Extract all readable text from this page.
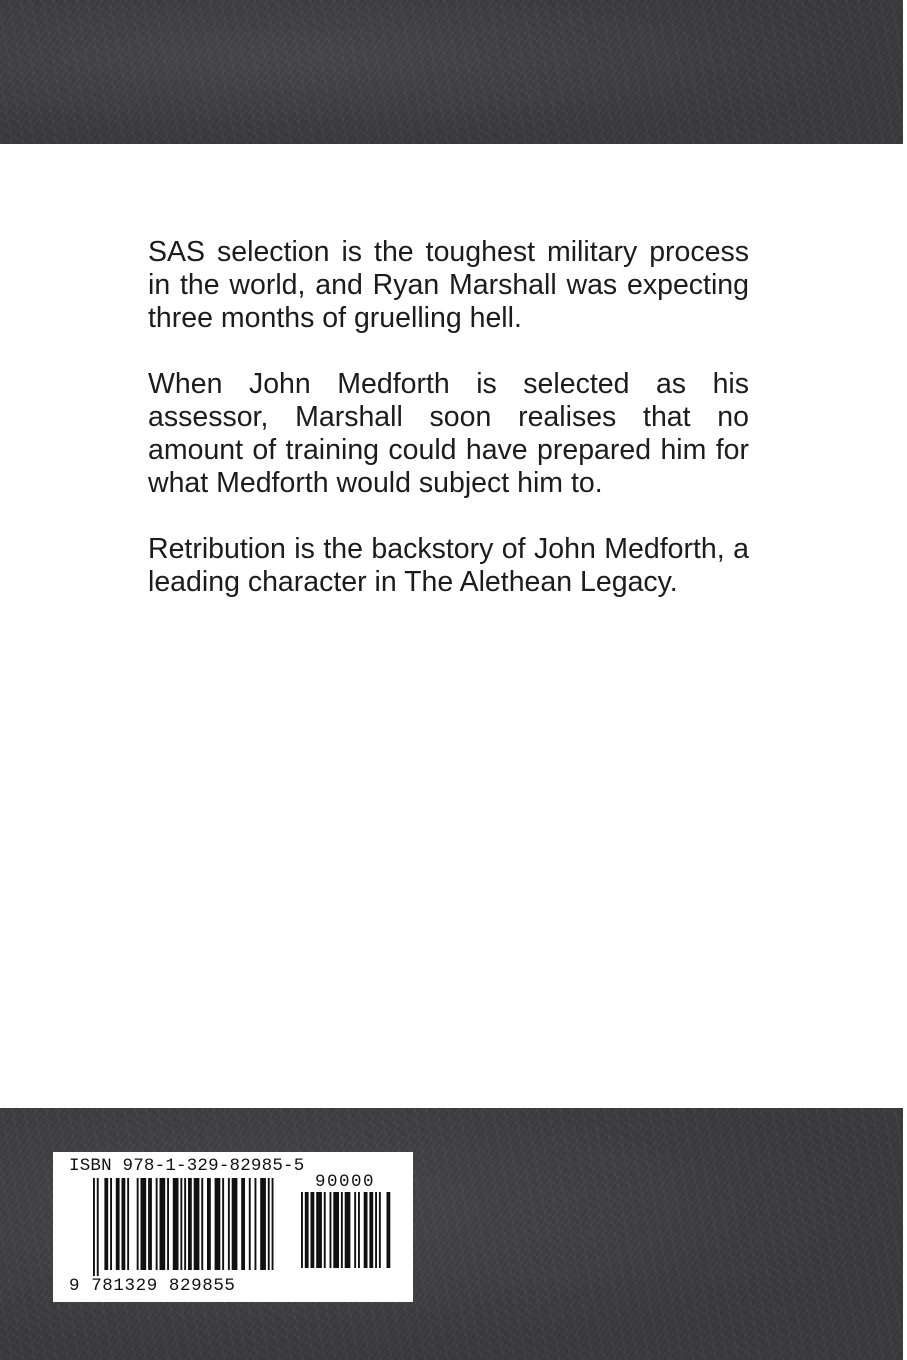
SAS selection is the toughest military process in the world, and Ryan Marshall was expecting three months of gruelling hell.

When John Medforth is selected as his assessor, Marshall soon realises that no amount of training could have prepared him for what Medforth would subject him to.

Retribution is the backstory of John Medforth, a leading character in The Alethean Legacy.

ISBN 978-1-329-82985-5
90000
9 781329 829855
